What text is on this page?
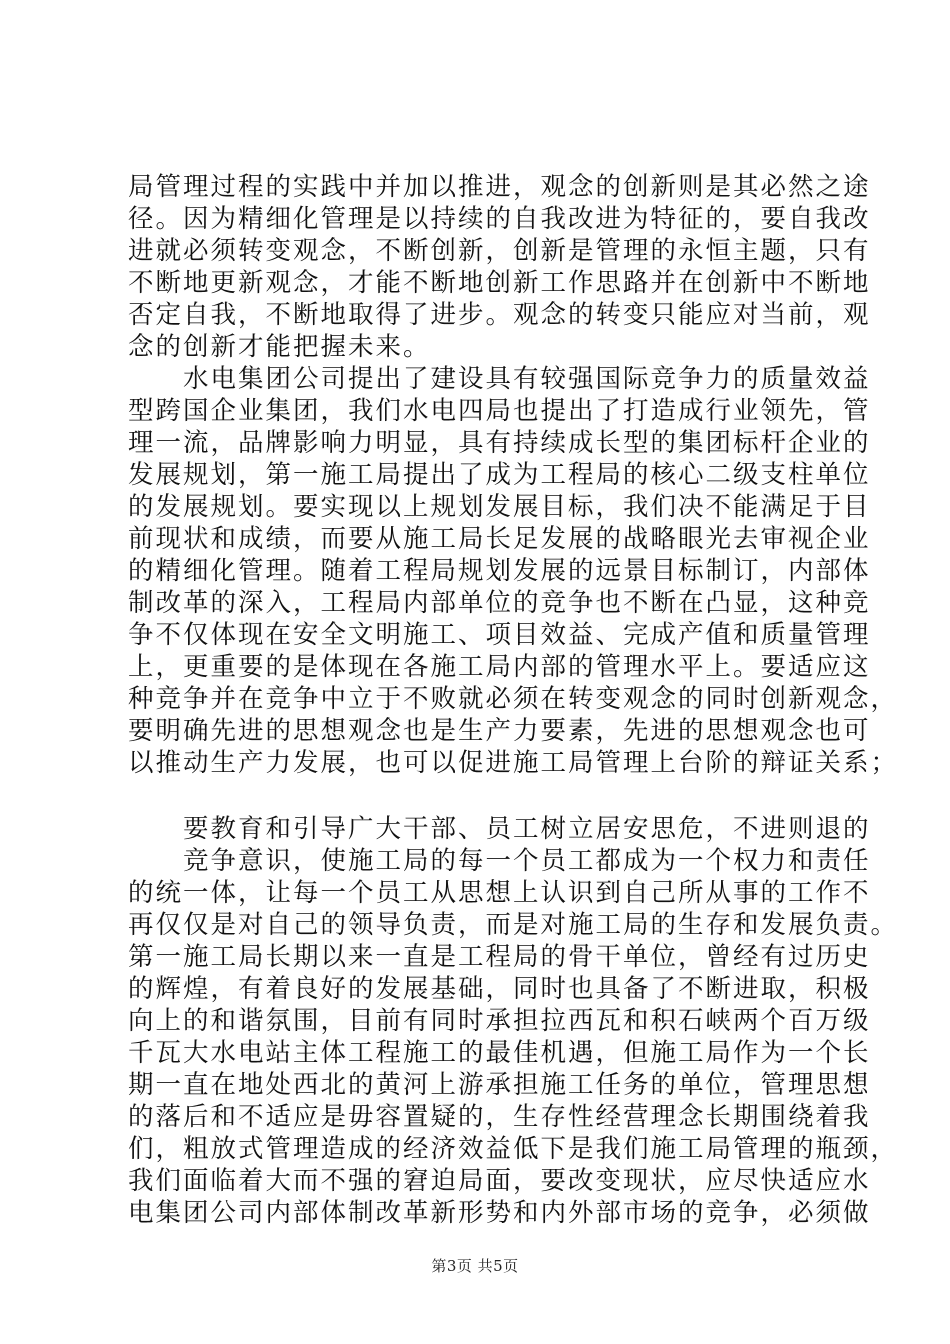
局管理过程的实践中并加以推进，观念的创新则是其必然之途
径。因为精细化管理是以持续的自我改进为特征的，要自我改
进就必须转变观念，不断创新，创新是管理的永恒主题，只有
不断地更新观念，才能不断地创新工作思路并在创新中不断地
否定自我，不断地取得了进步。观念的转变只能应对当前，观
念的创新才能把握未来。
　　水电集团公司提出了建设具有较强国际竞争力的质量效益
型跨国企业集团，我们水电四局也提出了打造成行业领先，管
理一流，品牌影响力明显，具有持续成长型的集团标杆企业的
发展规划，第一施工局提出了成为工程局的核心二级支柱单位
的发展规划。要实现以上规划发展目标，我们决不能满足于目
前现状和成绩，而要从施工局长足发展的战略眼光去审视企业
的精细化管理。随着工程局规划发展的远景目标制订，内部体
制改革的深入，工程局内部单位的竞争也不断在凸显，这种竞
争不仅体现在安全文明施工、项目效益、完成产值和质量管理
上，更重要的是体现在各施工局内部的管理水平上。要适应这
种竞争并在竞争中立于不败就必须在转变观念的同时创新观念，
要明确先进的思想观念也是生产力要素，先进的思想观念也可
以推动生产力发展，也可以促进施工局管理上台阶的辩证关系；
　　要教育和引导广大干部、员工树立居安思危，不进则退的
　　竞争意识，使施工局的每一个员工都成为一个权力和责任
的统一体，让每一个员工从思想上认识到自己所从事的工作不
再仅仅是对自己的领导负责，而是对施工局的生存和发展负责。
第一施工局长期以来一直是工程局的骨干单位，曾经有过历史
的辉煌，有着良好的发展基础，同时也具备了不断进取，积极
向上的和谐氛围，目前有同时承担拉西瓦和积石峡两个百万级
千瓦大水电站主体工程施工的最佳机遇，但施工局作为一个长
期一直在地处西北的黄河上游承担施工任务的单位，管理思想
的落后和不适应是毋容置疑的，生存性经营理念长期围绕着我
们，粗放式管理造成的经济效益低下是我们施工局管理的瓶颈，
我们面临着大而不强的窘迫局面，要改变现状，应尽快适应水
电集团公司内部体制改革新形势和内外部市场的竞争，必须做
第3页 共5页
